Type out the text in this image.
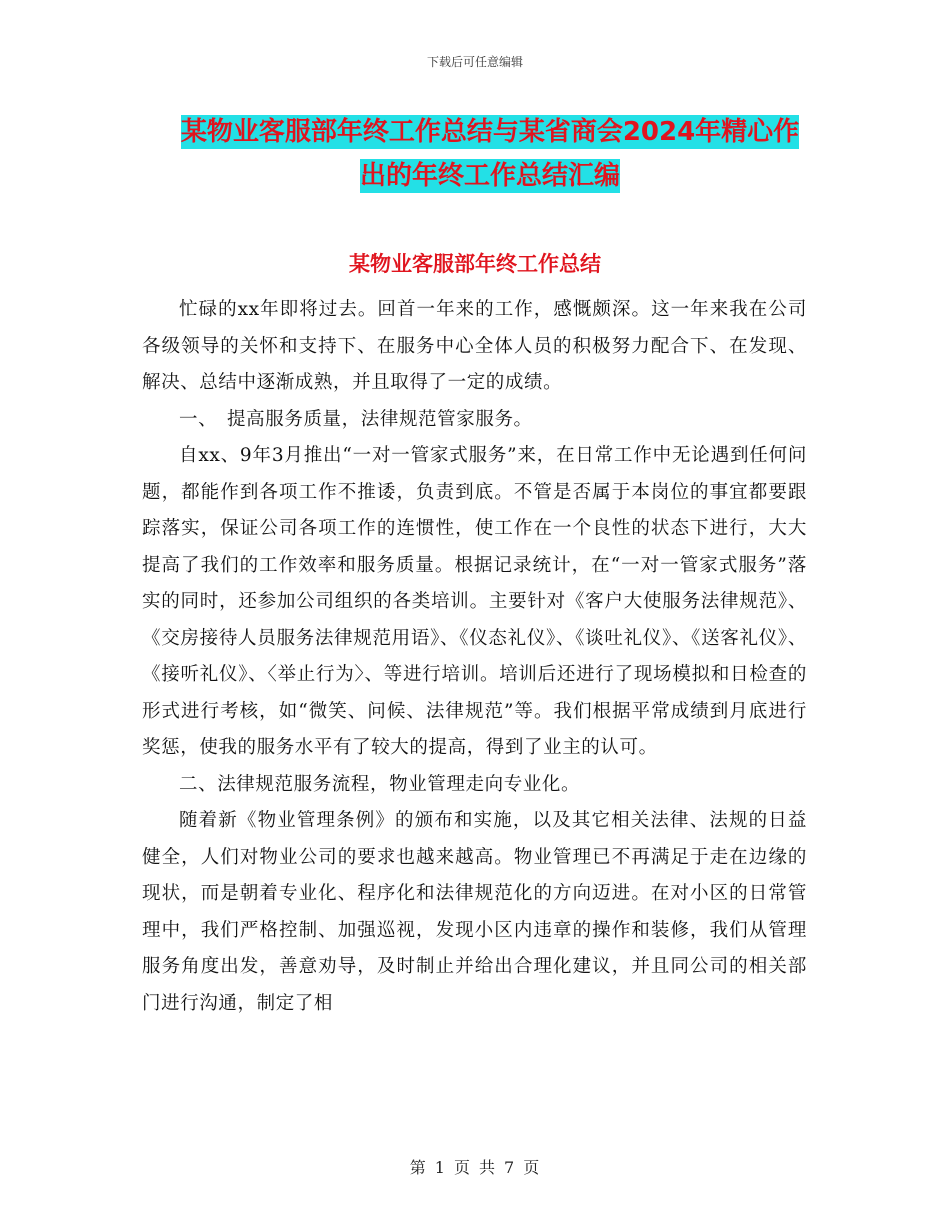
下载后可任意编辑
某物业客服部年终工作总结与某省商会2024年精心作
出的年终工作总结汇编
某物业客服部年终工作总结

忙碌的xx年即将过去。回首一年来的工作，感慨颇深。这一年来我在公司各级领导的关怀和支持下、在服务中心全体人员的积极努力配合下、在发现、解决、总结中逐渐成熟，并且取得了一定的成绩。

一、　提高服务质量，法律规范管家服务。

自xx、9年3月推出“一对一管家式服务”来，在日常工作中无论遇到任何问题，都能作到各项工作不推诿，负责到底。不管是否属于本岗位的事宜都要跟踪落实，保证公司各项工作的连惯性，使工作在一个良性的状态下进行，大大提高了我们的工作效率和服务质量。根据记录统计，在“一对一管家式服务”落实的同时，还参加公司组织的各类培训。主要针对《客户大使服务法律规范》、《交房接待人员服务法律规范用语》、《仪态礼仪》、《谈吐礼仪》、《送客礼仪》、《接听礼仪》、〈举止行为〉、等进行培训。培训后还进行了现场模拟和日检查的形式进行考核，如“微笑、问候、法律规范”等。我们根据平常成绩到月底进行奖惩，使我的服务水平有了较大的提高，得到了业主的认可。

二、法律规范服务流程，物业管理走向专业化。

随着新《物业管理条例》的颁布和实施，以及其它相关法律、法规的日益健全，人们对物业公司的要求也越来越高。物业管理已不再满足于走在边缘的现状，而是朝着专业化、程序化和法律规范化的方向迈进。在对小区的日常管理中，我们严格控制、加强巡视，发现小区内违章的操作和装修，我们从管理服务角度出发，善意劝导，及时制止并给出合理化建议，并且同公司的相关部门进行沟通，制定了相

第 1 页 共 7 页
